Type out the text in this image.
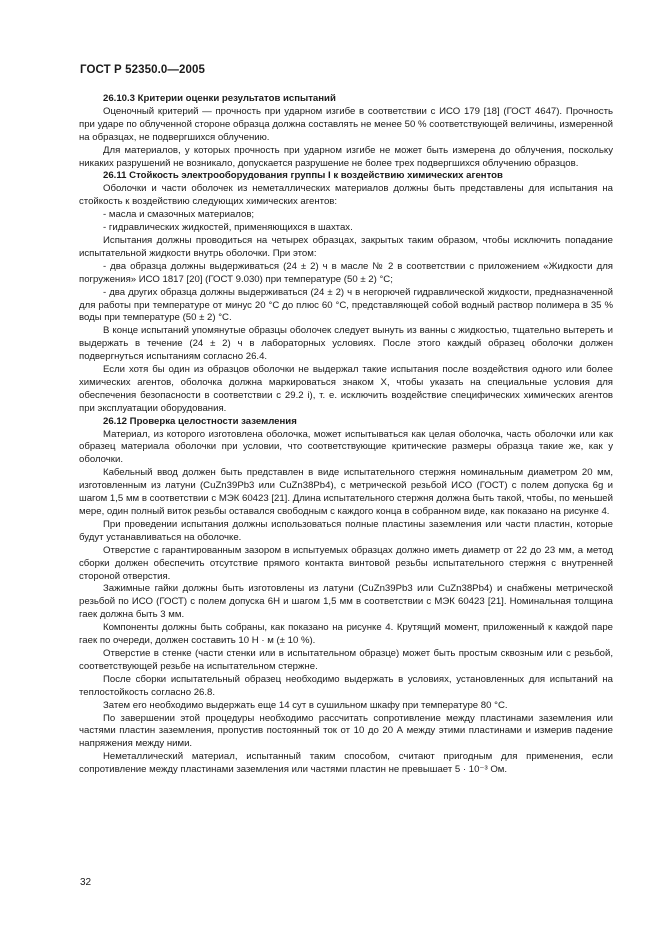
ГОСТ Р 52350.0—2005

26.10.3 Критерии оценки результатов испытаний

Оценочный критерий — прочность при ударном изгибе в соответствии с ИСО 179 [18] (ГОСТ 4647). Прочность при ударе по облученной стороне образца должна составлять не менее 50 % соответствующей величины, измеренной на образцах, не подвергшихся облучению.

Для материалов, у которых прочность при ударном изгибе не может быть измерена до облучения, поскольку никаких разрушений не возникало, допускается разрушение не более трех подвергшихся облучению образцов.

26.11 Стойкость электрооборудования группы I к воздействию химических агентов

Оболочки и части оболочек из неметаллических материалов должны быть представлены для испытания на стойкость к воздействию следующих химических агентов:

- масла и смазочных материалов;

- гидравлических жидкостей, применяющихся в шахтах.

Испытания должны проводиться на четырех образцах, закрытых таким образом, чтобы исключить попадание испытательной жидкости внутрь оболочки. При этом:

- два образца должны выдерживаться (24 ± 2) ч в масле № 2 в соответствии с приложением «Жидкости для погружения» ИСО 1817 [20] (ГОСТ 9.030) при температуре (50 ± 2) °С;

- два других образца должны выдерживаться (24 ± 2) ч в негорючей гидравлической жидкости, предназначенной для работы при температуре от минус 20 °С до плюс 60 °С, представляющей собой водный раствор полимера в 35 % воды при температуре (50 ± 2) °С.

В конце испытаний упомянутые образцы оболочек следует вынуть из ванны с жидкостью, тщательно вытереть и выдержать в течение (24 ± 2) ч в лабораторных условиях. После этого каждый образец оболочки должен подвергнуться испытаниям согласно 26.4.

Если хотя бы один из образцов оболочки не выдержал такие испытания после воздействия одного или более химических агентов, оболочка должна маркироваться знаком X, чтобы указать на специальные условия для обеспечения безопасности в соответствии с 29.2 i), т. е. исключить воздействие специфических химических агентов при эксплуатации оборудования.

26.12 Проверка целостности заземления

Материал, из которого изготовлена оболочка, может испытываться как целая оболочка, часть оболочки или как образец материала оболочки при условии, что соответствующие критические размеры образца такие же, как у оболочки.

Кабельный ввод должен быть представлен в виде испытательного стержня номинальным диаметром 20 мм, изготовленным из латуни (CuZn39Pb3 или CuZn38Pb4), с метрической резьбой ИСО (ГОСТ) с полем допуска 6g и шагом 1,5 мм в соответствии с МЭК 60423 [21]. Длина испытательного стержня должна быть такой, чтобы, по меньшей мере, один полный виток резьбы оставался свободным с каждого конца в собранном виде, как показано на рисунке 4.

При проведении испытания должны использоваться полные пластины заземления или части пластин, которые будут устанавливаться на оболочке.

Отверстие с гарантированным зазором в испытуемых образцах должно иметь диаметр от 22 до 23 мм, а метод сборки должен обеспечить отсутствие прямого контакта винтовой резьбы испытательного стержня с внутренней стороной отверстия.

Зажимные гайки должны быть изготовлены из латуни (CuZn39Pb3 или CuZn38Pb4) и снабжены метрической резьбой по ИСО (ГОСТ) с полем допуска 6Н и шагом 1,5 мм в соответствии с МЭК 60423 [21]. Номинальная толщина гаек должна быть 3 мм.

Компоненты должны быть собраны, как показано на рисунке 4. Крутящий момент, приложенный к каждой паре гаек по очереди, должен составить 10 Н · м (± 10 %).

Отверстие в стенке (части стенки или в испытательном образце) может быть простым сквозным или с резьбой, соответствующей резьбе на испытательном стержне.

После сборки испытательный образец необходимо выдержать в условиях, установленных для испытаний на теплостойкость согласно 26.8.

Затем его необходимо выдержать еще 14 сут в сушильном шкафу при температуре 80 °С.

По завершении этой процедуры необходимо рассчитать сопротивление между пластинами заземления или частями пластин заземления, пропустив постоянный ток от 10 до 20 А между этими пластинами и измерив падение напряжения между ними.

Неметаллический материал, испытанный таким способом, считают пригодным для применения, если сопротивление между пластинами заземления или частями пластин не превышает 5 · 10⁻³ Ом.

32
